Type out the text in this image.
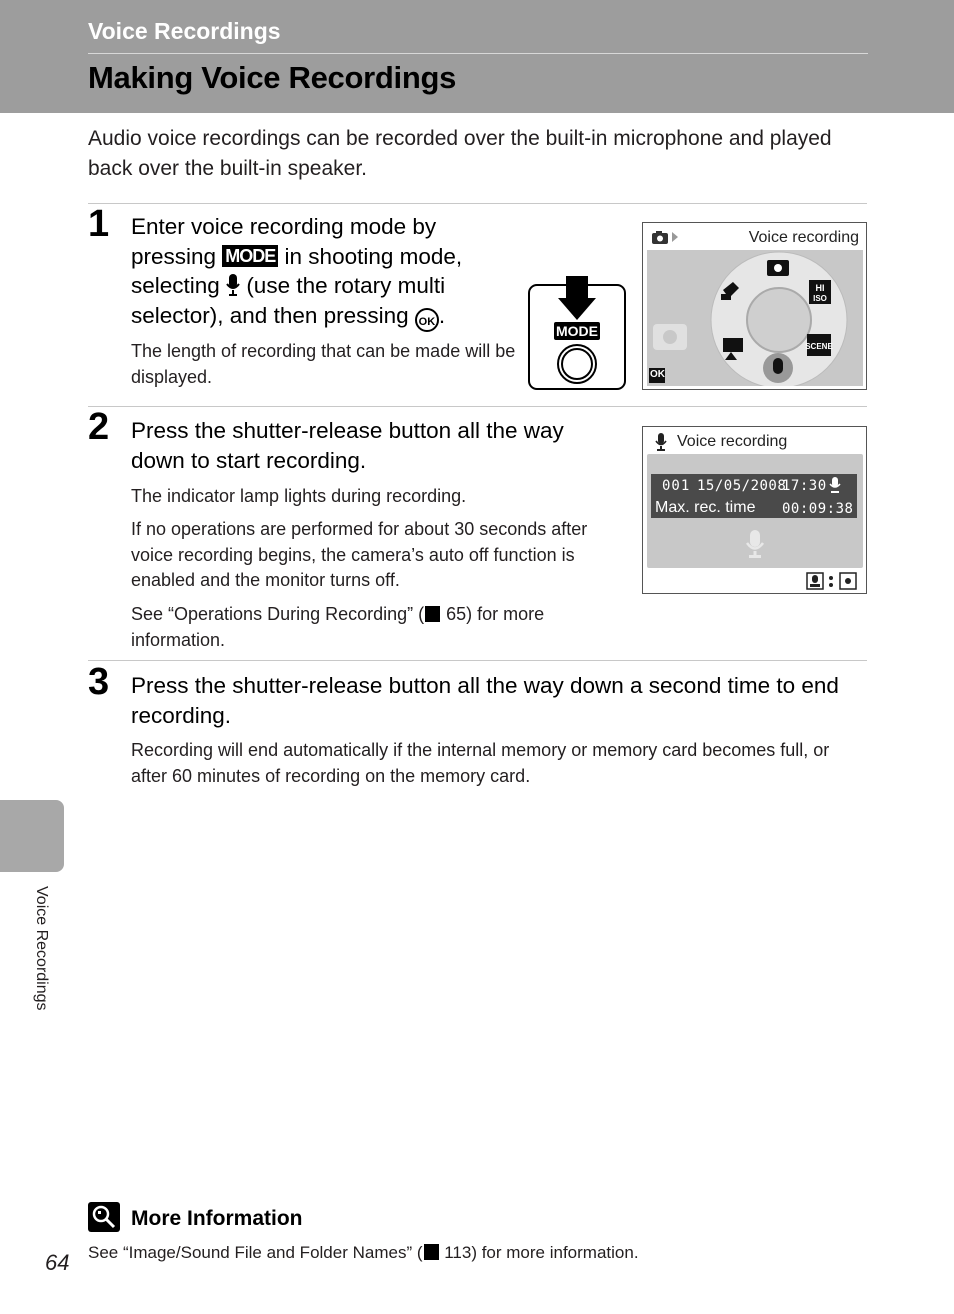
Voice Recordings
Making Voice Recordings
Audio voice recordings can be recorded over the built-in microphone and played back over the built-in speaker.
1 Enter voice recording mode by pressing MODE in shooting mode, selecting  (use the rotary multi selector), and then pressing OK .
The length of recording that can be made will be displayed.
MODE
Voice recording
HI
ISO
SCENE
OK
2 Press the shutter-release button all the way down to start recording.
The indicator lamp lights during recording.
If no operations are performed for about 30 seconds after voice recording begins, the camera’s auto off function is enabled and the monitor turns off.
See “Operations During Recording” ( 65) for more information.
Voice recording
001 15/05/2008
17:30
Max. rec. time 00:09:38
3 Press the shutter-release button all the way down a second time to end recording.
Recording will end automatically if the internal memory or memory card becomes full, or after 60 minutes of recording on the memory card.
Voice Recordings
More Information
See “Image/Sound File and Folder Names” ( 113) for more information.
64
